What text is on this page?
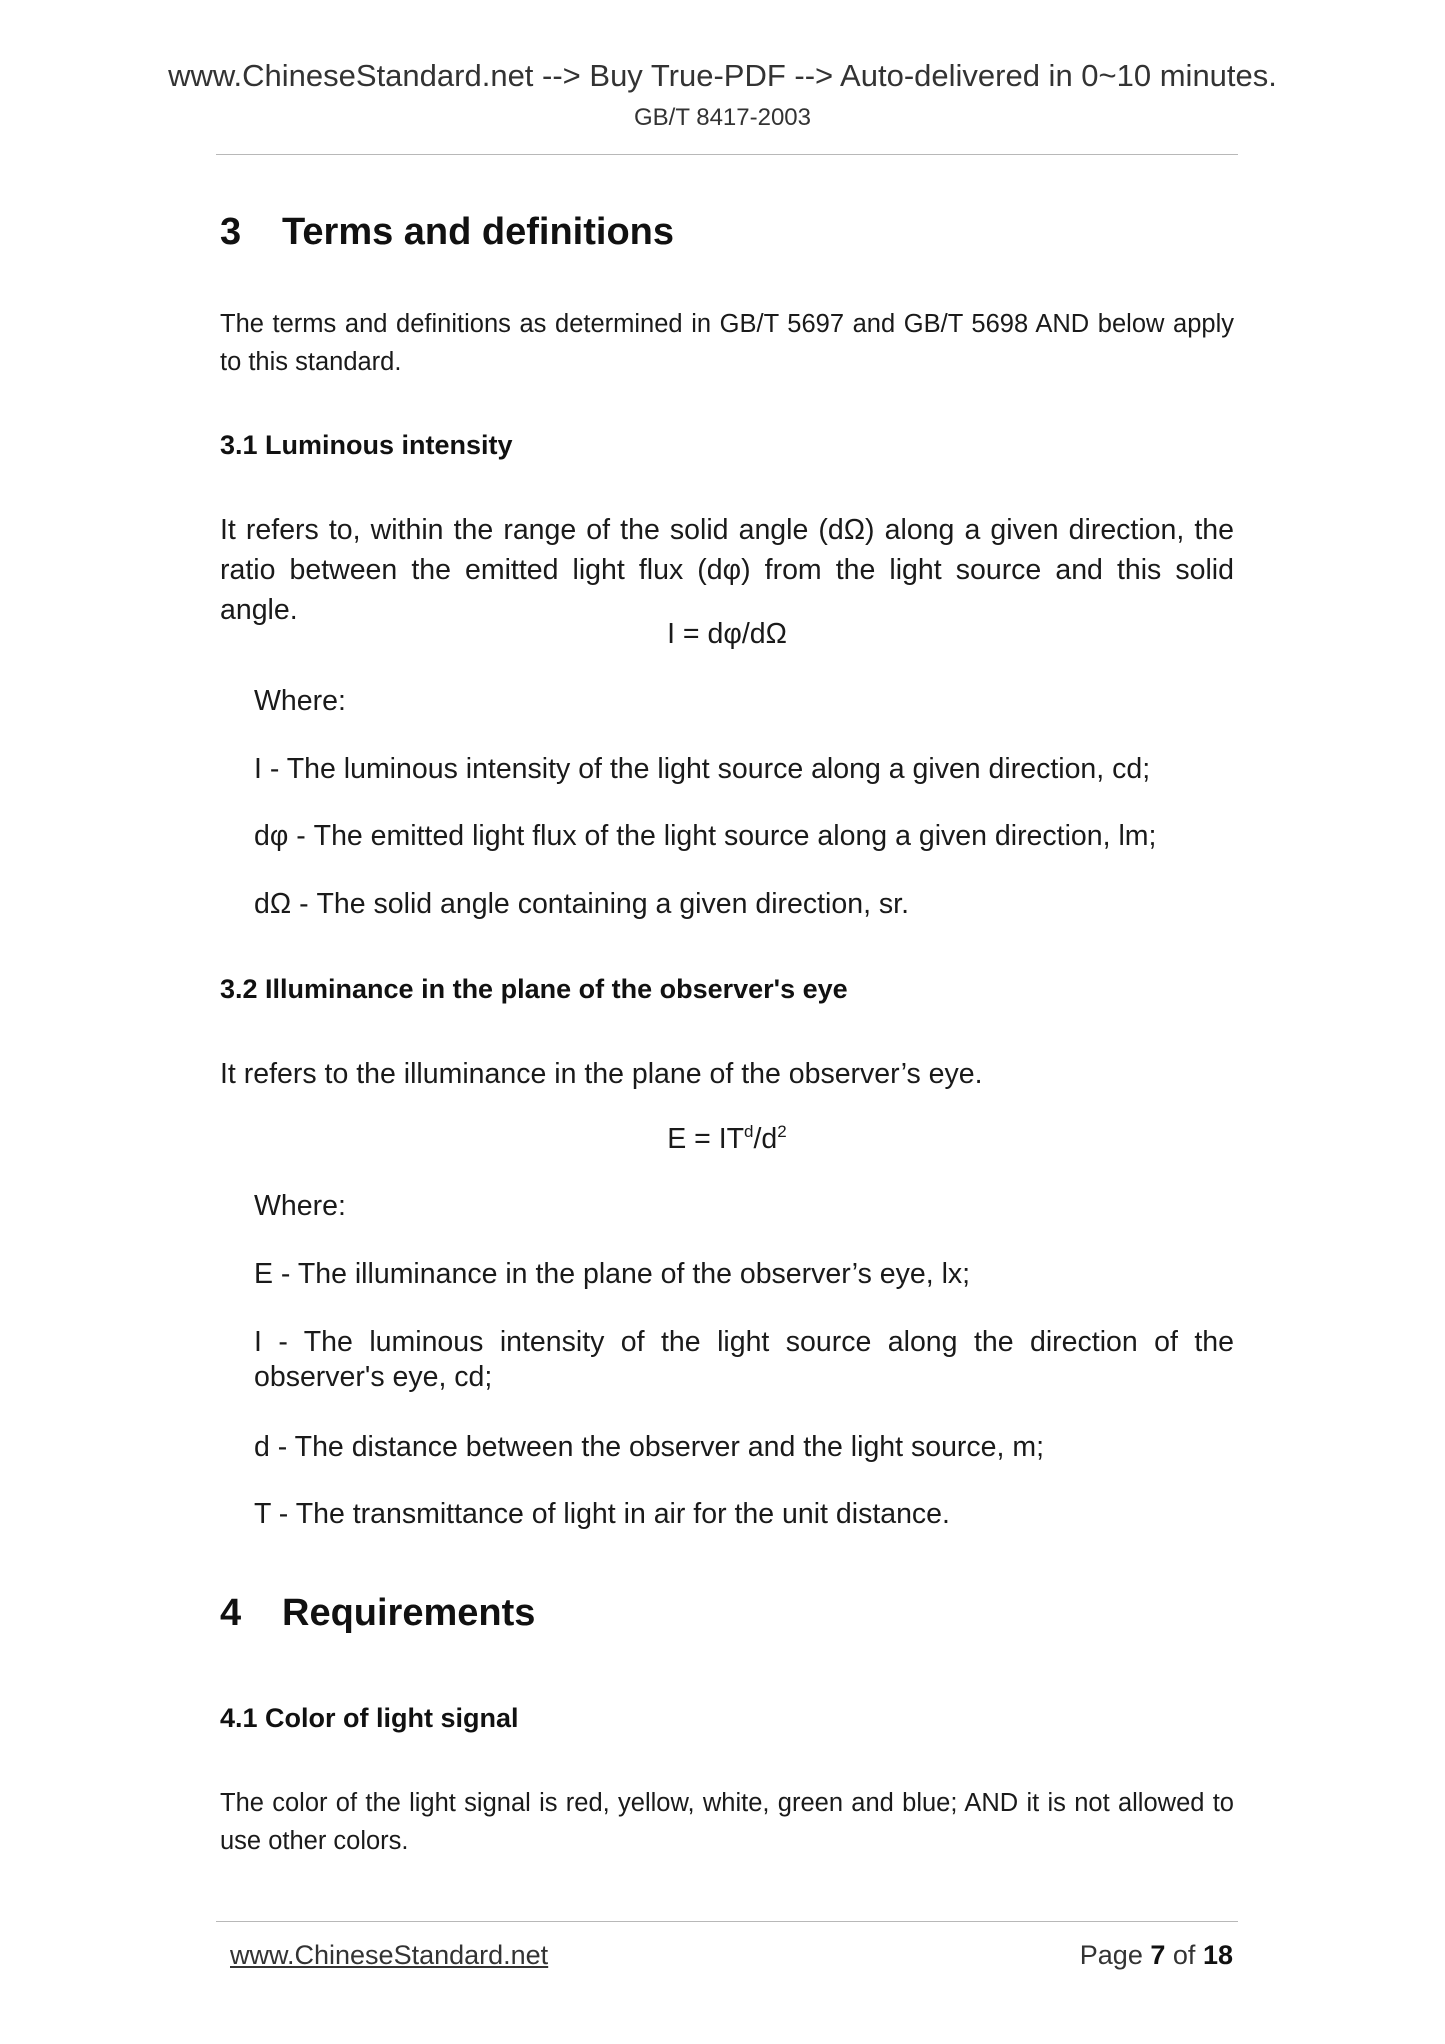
www.ChineseStandard.net --> Buy True-PDF --> Auto-delivered in 0~10 minutes.
GB/T 8417-2003
3 Terms and definitions
The terms and definitions as determined in GB/T 5697 and GB/T 5698 AND below apply to this standard.
3.1 Luminous intensity
It refers to, within the range of the solid angle (dΩ) along a given direction, the ratio between the emitted light flux (dφ) from the light source and this solid angle.
I = dφ/dΩ
Where:
I - The luminous intensity of the light source along a given direction, cd;
dφ - The emitted light flux of the light source along a given direction, lm;
dΩ - The solid angle containing a given direction, sr.
3.2 Illuminance in the plane of the observer's eye
It refers to the illuminance in the plane of the observer’s eye.
$E = IT^d/d^2$
Where:
E - The illuminance in the plane of the observer’s eye, lx;
I - The luminous intensity of the light source along the direction of the observer's eye, cd;
d - The distance between the observer and the light source, m;
T - The transmittance of light in air for the unit distance.
4 Requirements
4.1 Color of light signal
The color of the light signal is red, yellow, white, green and blue; AND it is not allowed to use other colors.
www.ChineseStandard.net	Page 7 of 18
